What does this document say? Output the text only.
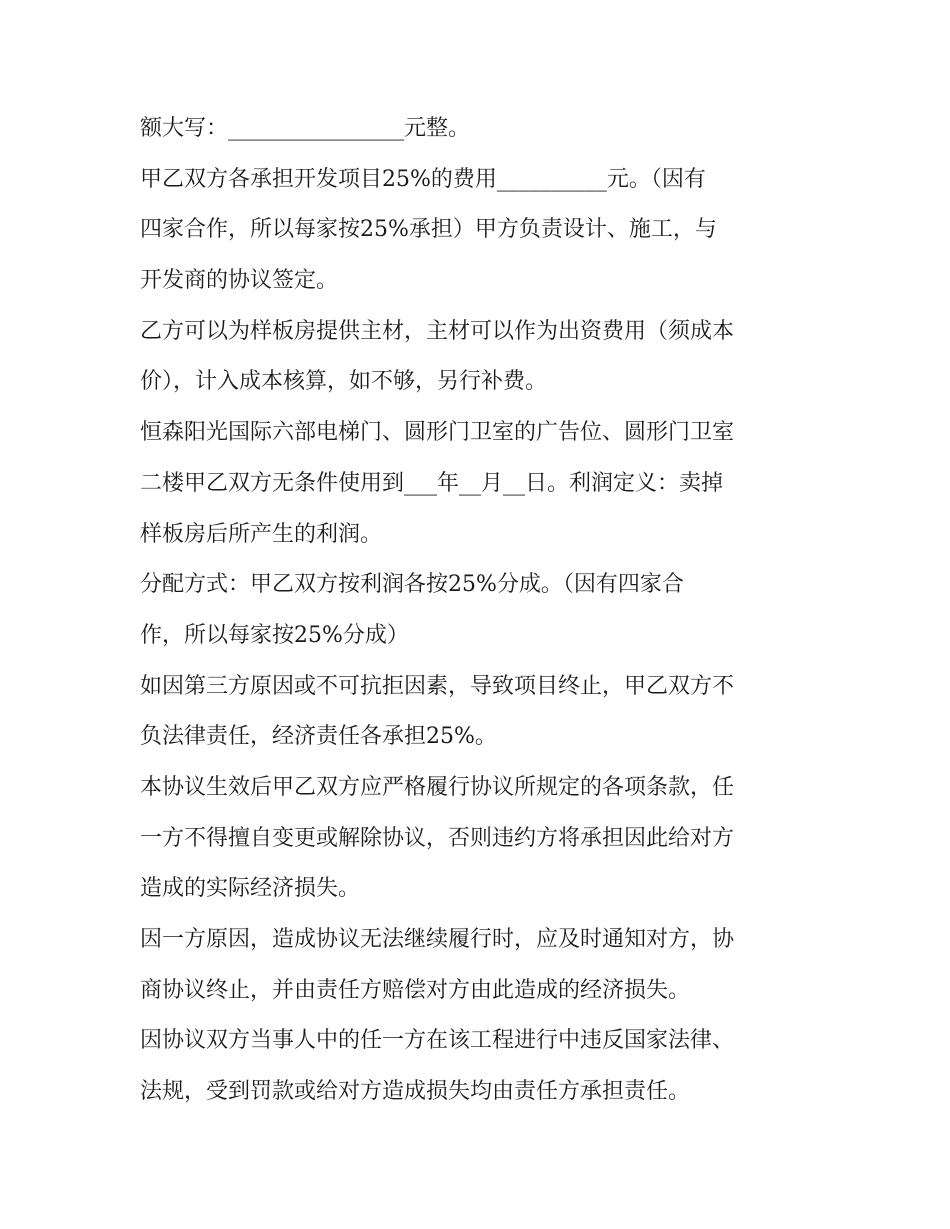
额大写：________________元整。
甲乙双方各承担开发项目25%的费用__________元。（因有
四家合作，所以每家按25%承担）甲方负责设计、施工，与
开发商的协议签定。
乙方可以为样板房提供主材，主材可以作为出资费用（须成本
价），计入成本核算，如不够，另行补费。
恒森阳光国际六部电梯门、圆形门卫室的广告位、圆形门卫室
二楼甲乙双方无条件使用到___年__月__日。利润定义：卖掉
样板房后所产生的利润。
分配方式：甲乙双方按利润各按25%分成。（因有四家合
作，所以每家按25%分成）
如因第三方原因或不可抗拒因素，导致项目终止，甲乙双方不
负法律责任，经济责任各承担25%。
本协议生效后甲乙双方应严格履行协议所规定的各项条款，任
一方不得擅自变更或解除协议，否则违约方将承担因此给对方
造成的实际经济损失。
因一方原因，造成协议无法继续履行时，应及时通知对方，协
商协议终止，并由责任方赔偿对方由此造成的经济损失。
因协议双方当事人中的任一方在该工程进行中违反国家法律、
法规，受到罚款或给对方造成损失均由责任方承担责任。
